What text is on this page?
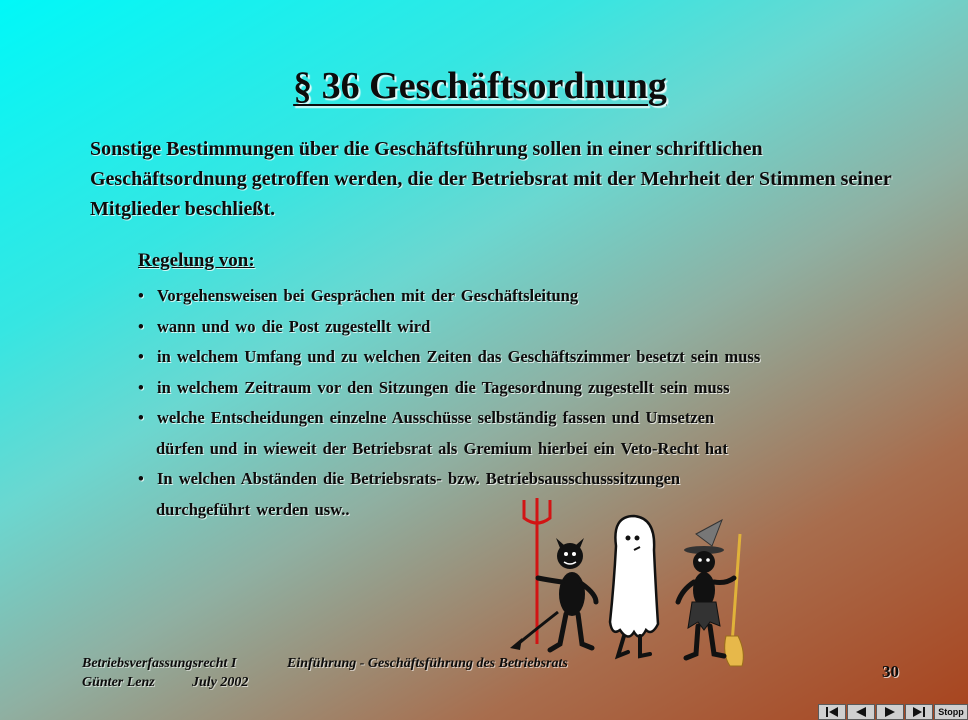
§ 36 Geschäftsordnung
Sonstige Bestimmungen über die Geschäftsführung sollen in einer schriftlichen Geschäftsordnung getroffen werden, die der Betriebsrat mit der Mehrheit der Stimmen seiner Mitglieder beschließt.
Regelung von:
• Vorgehensweisen bei Gesprächen mit der Geschäftsleitung
• wann und wo die Post zugestellt wird
• in welchem Umfang und zu welchen Zeiten das Geschäftszimmer besetzt sein muss
• in welchem Zeitraum vor den Sitzungen die Tagesordnung zugestellt sein muss
• welche Entscheidungen einzelne Ausschüsse selbständig fassen und Umsetzen
dürfen und in wieweit der Betriebsrat als Gremium hierbei ein Veto-Recht hat
• In welchen Abständen die Betriebsrats- bzw. Betriebsausschusssitzungen
durchgeführt werden usw..
Betriebsverfassungsrecht I	Einführung - Geschäftsführung des Betriebsrats
Günter Lenz	July 2002
30
Stopp
